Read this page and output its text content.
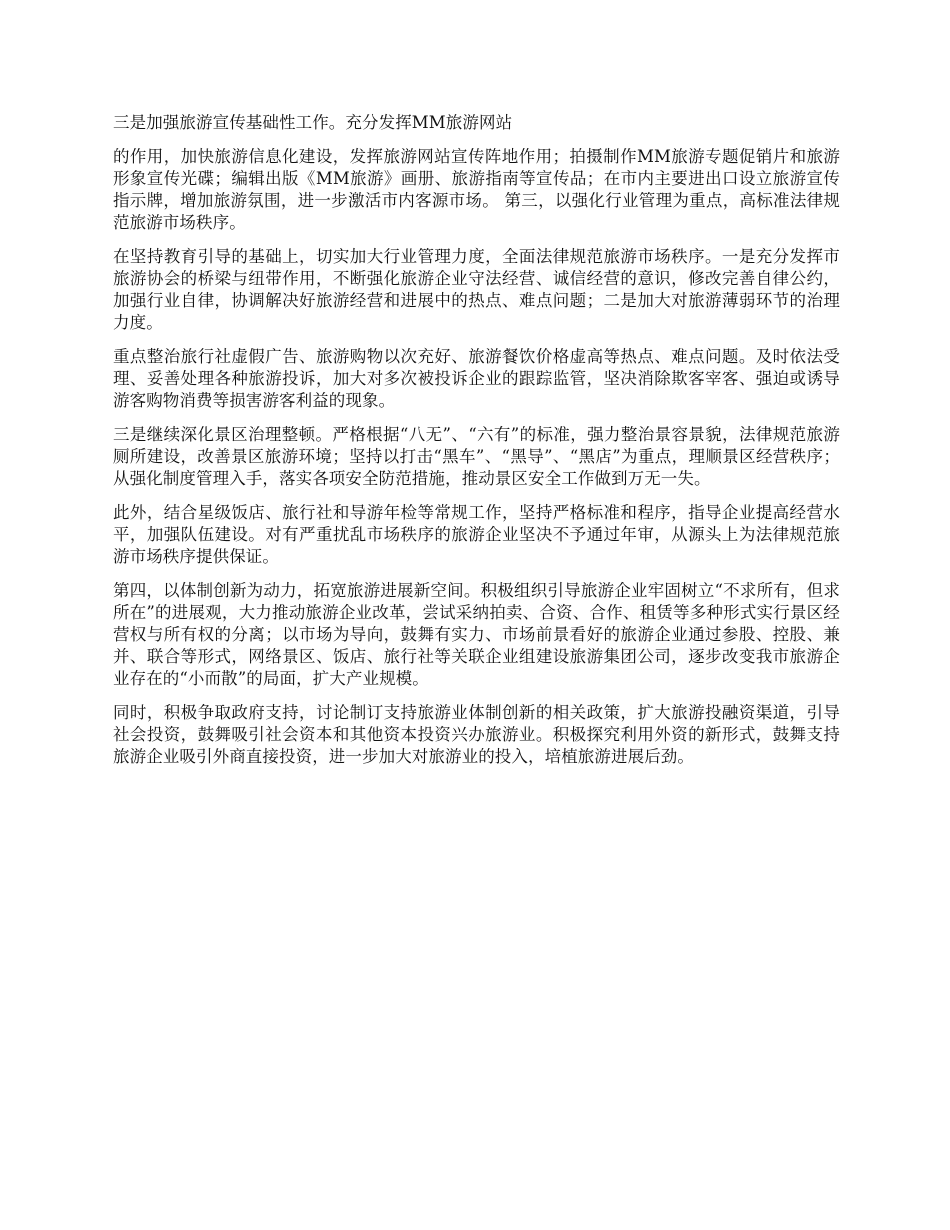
三是加强旅游宣传基础性工作。充分发挥MM旅游网站

的作用，加快旅游信息化建设，发挥旅游网站宣传阵地作用；拍摄制作MM旅游专题促销片和旅游形象宣传光碟；编辑出版《MM旅游》画册、旅游指南等宣传品；在市内主要进出口设立旅游宣传指示牌，增加旅游氛围，进一步激活市内客源市场。 第三，以强化行业管理为重点，高标准法律规范旅游市场秩序。

在坚持教育引导的基础上，切实加大行业管理力度，全面法律规范旅游市场秩序。一是充分发挥市旅游协会的桥梁与纽带作用，不断强化旅游企业守法经营、诚信经营的意识，修改完善自律公约，加强行业自律，协调解决好旅游经营和进展中的热点、难点问题；二是加大对旅游薄弱环节的治理力度。

重点整治旅行社虚假广告、旅游购物以次充好、旅游餐饮价格虚高等热点、难点问题。及时依法受理、妥善处理各种旅游投诉，加大对多次被投诉企业的跟踪监管，坚决消除欺客宰客、强迫或诱导游客购物消费等损害游客利益的现象。

三是继续深化景区治理整顿。严格根据“八无”、“六有”的标准，强力整治景容景貌，法律规范旅游厕所建设，改善景区旅游环境；坚持以打击“黑车”、“黑导”、“黑店”为重点，理顺景区经营秩序；从强化制度管理入手，落实各项安全防范措施，推动景区安全工作做到万无一失。

此外，结合星级饭店、旅行社和导游年检等常规工作，坚持严格标准和程序，指导企业提高经营水平，加强队伍建设。对有严重扰乱市场秩序的旅游企业坚决不予通过年审，从源头上为法律规范旅游市场秩序提供保证。

第四，以体制创新为动力，拓宽旅游进展新空间。积极组织引导旅游企业牢固树立“不求所有，但求所在”的进展观，大力推动旅游企业改革，尝试采纳拍卖、合资、合作、租赁等多种形式实行景区经营权与所有权的分离；以市场为导向，鼓舞有实力、市场前景看好的旅游企业通过参股、控股、兼并、联合等形式，网络景区、饭店、旅行社等关联企业组建设旅游集团公司，逐步改变我市旅游企业存在的“小而散”的局面，扩大产业规模。

同时，积极争取政府支持，讨论制订支持旅游业体制创新的相关政策，扩大旅游投融资渠道，引导社会投资，鼓舞吸引社会资本和其他资本投资兴办旅游业。积极探究利用外资的新形式，鼓舞支持旅游企业吸引外商直接投资，进一步加大对旅游业的投入，培植旅游进展后劲。
